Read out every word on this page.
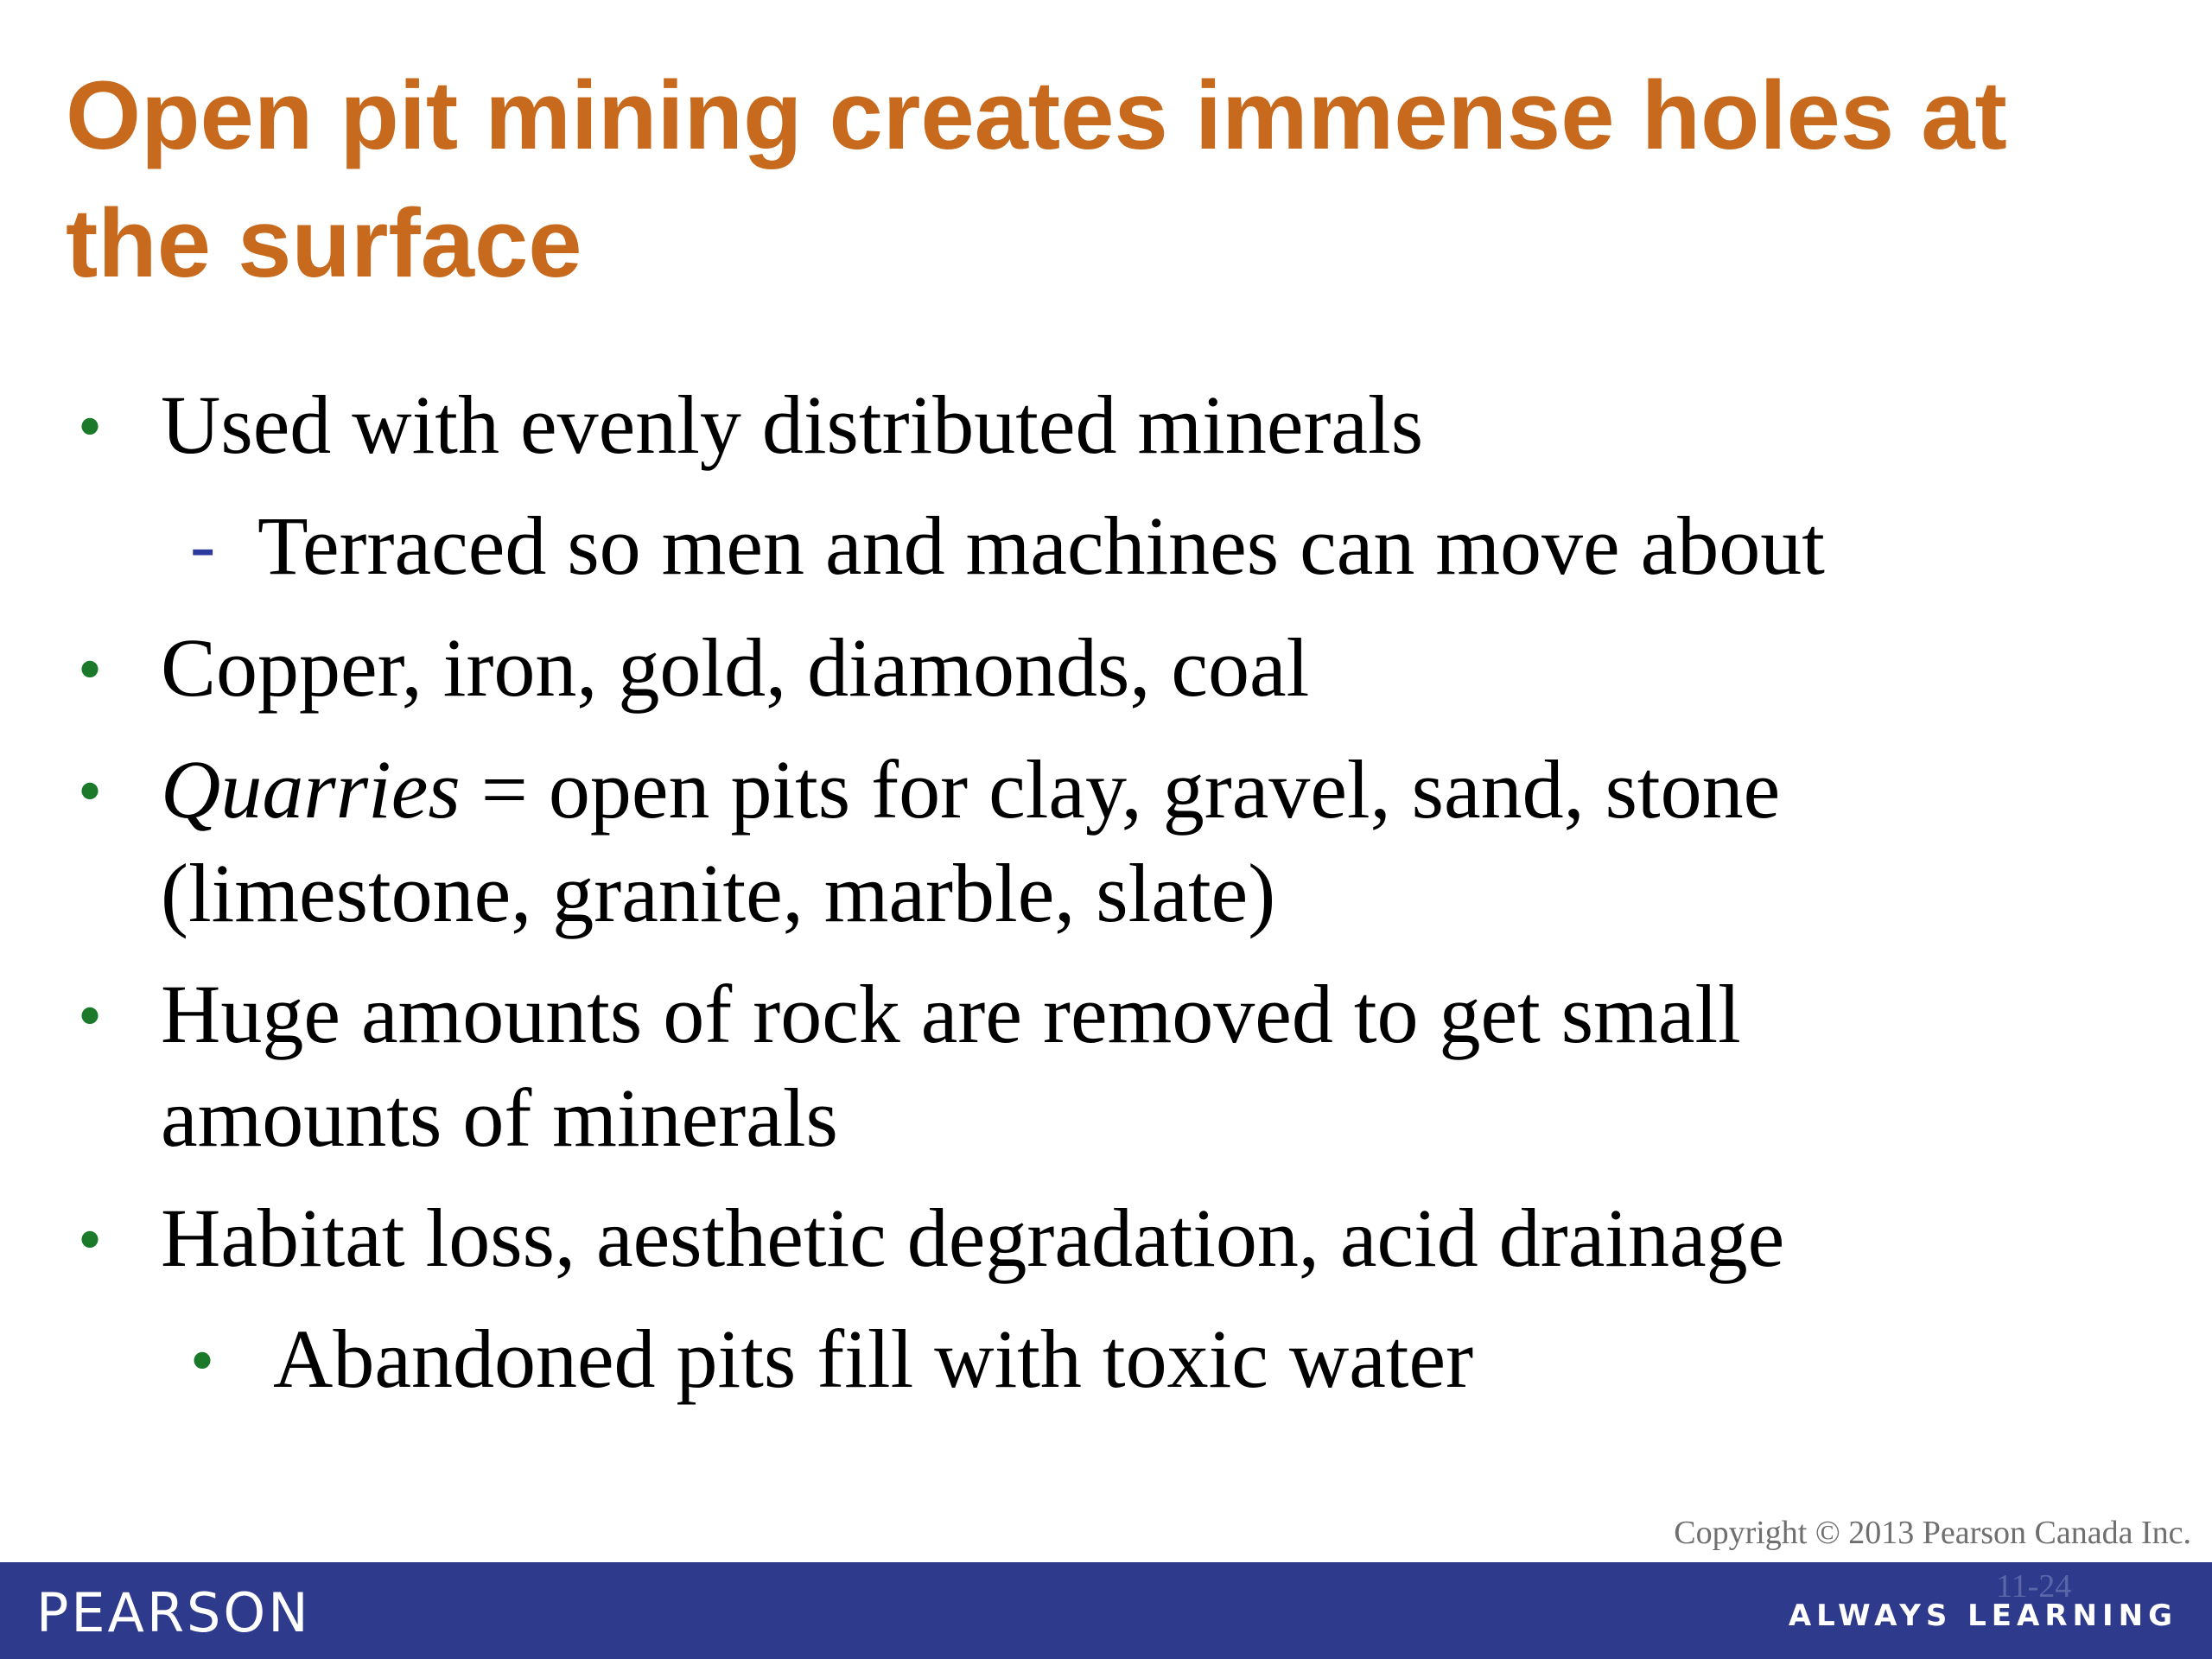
Open pit mining creates immense holes at the surface
• Used with evenly distributed minerals
- Terraced so men and machines can move about
• Copper, iron, gold, diamonds, coal
• Quarries = open pits for clay, gravel, sand, stone (limestone, granite, marble, slate)
• Huge amounts of rock are removed to get small amounts of minerals
• Habitat loss, aesthetic degradation, acid drainage
• Abandoned pits fill with toxic water
Copyright © 2013 Pearson Canada Inc.
PEARSON	11-24
ALWAYS LEARNING
